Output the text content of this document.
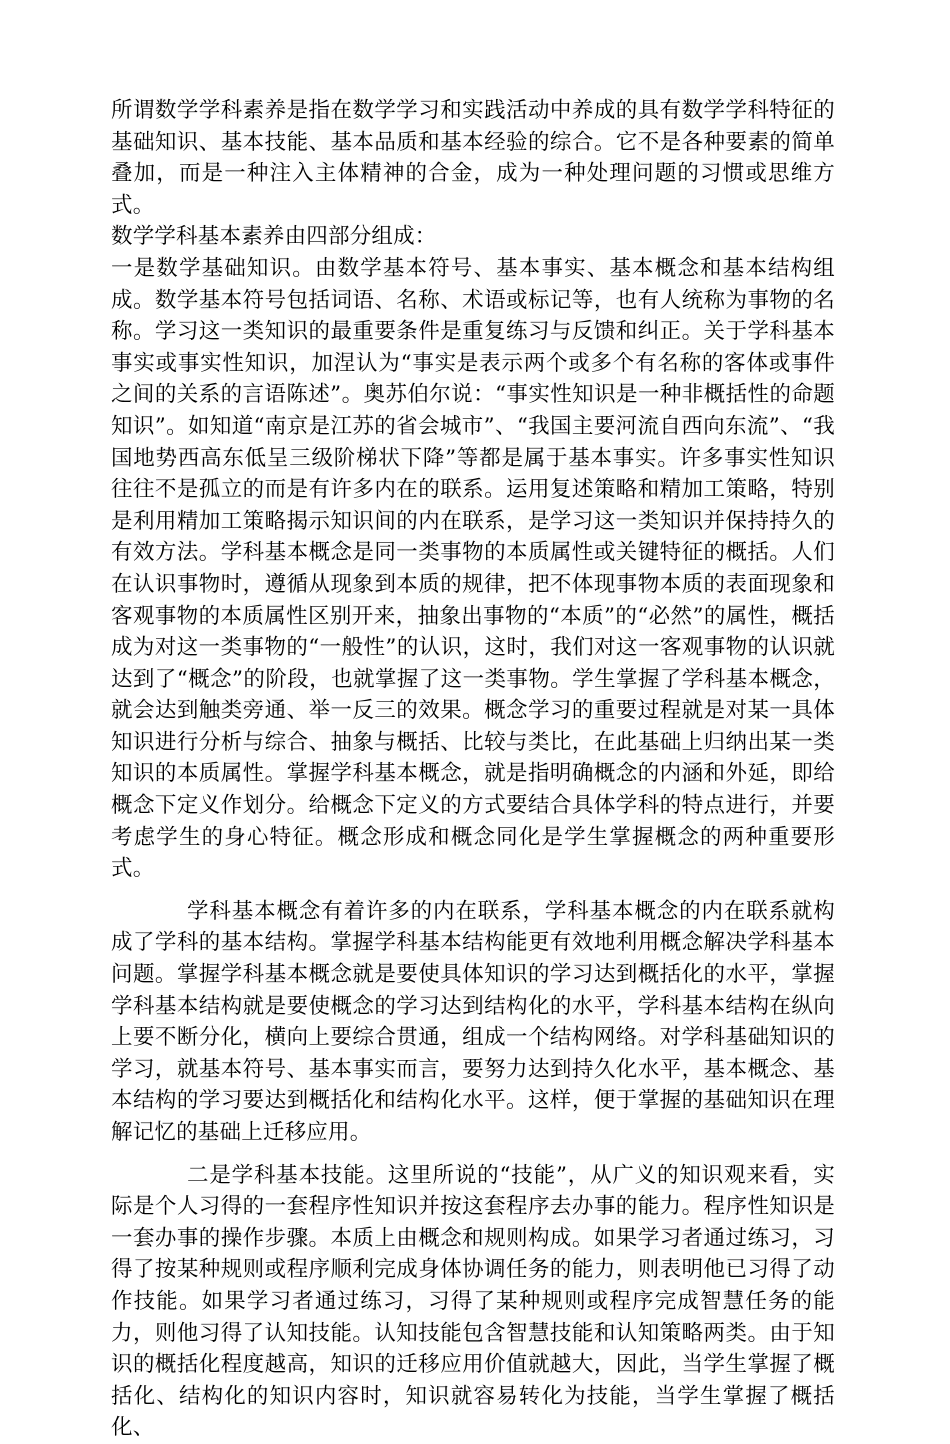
所谓数学学科素养是指在数学学习和实践活动中养成的具有数学学科特征的基础知识、基本技能、基本品质和基本经验的综合。它不是各种要素的简单叠加，而是一种注入主体精神的合金，成为一种处理问题的习惯或思维方式。

数学学科基本素养由四部分组成：

一是数学基础知识。由数学基本符号、基本事实、基本概念和基本结构组成。数学基本符号包括词语、名称、术语或标记等，也有人统称为事物的名称。学习这一类知识的最重要条件是重复练习与反馈和纠正。关于学科基本事实或事实性知识，加涅认为“事实是表示两个或多个有名称的客体或事件之间的关系的言语陈述”。奥苏伯尔说：“事实性知识是一种非概括性的命题知识”。如知道“南京是江苏的省会城市”、“我国主要河流自西向东流”、“我国地势西高东低呈三级阶梯状下降”等都是属于基本事实。许多事实性知识往往不是孤立的而是有许多内在的联系。运用复述策略和精加工策略，特别是利用精加工策略揭示知识间的内在联系，是学习这一类知识并保持持久的有效方法。学科基本概念是同一类事物的本质属性或关键特征的概括。人们在认识事物时，遵循从现象到本质的规律，把不体现事物本质的表面现象和客观事物的本质属性区别开来，抽象出事物的“本质”的“必然”的属性，概括成为对这一类事物的“一般性”的认识，这时，我们对这一客观事物的认识就达到了“概念”的阶段，也就掌握了这一类事物。学生掌握了学科基本概念，就会达到触类旁通、举一反三的效果。概念学习的重要过程就是对某一具体知识进行分析与综合、抽象与概括、比较与类比，在此基础上归纳出某一类知识的本质属性。掌握学科基本概念，就是指明确概念的内涵和外延，即给概念下定义作划分。给概念下定义的方式要结合具体学科的特点进行，并要考虑学生的身心特征。概念形成和概念同化是学生掌握概念的两种重要形式。

学科基本概念有着许多的内在联系，学科基本概念的内在联系就构成了学科的基本结构。掌握学科基本结构能更有效地利用概念解决学科基本问题。掌握学科基本概念就是要使具体知识的学习达到概括化的水平，掌握学科基本结构就是要使概念的学习达到结构化的水平，学科基本结构在纵向上要不断分化，横向上要综合贯通，组成一个结构网络。对学科基础知识的学习，就基本符号、基本事实而言，要努力达到持久化水平，基本概念、基本结构的学习要达到概括化和结构化水平。这样，便于掌握的基础知识在理解记忆的基础上迁移应用。

二是学科基本技能。这里所说的“技能”，从广义的知识观来看，实际是个人习得的一套程序性知识并按这套程序去办事的能力。程序性知识是一套办事的操作步骤。本质上由概念和规则构成。如果学习者通过练习，习得了按某种规则或程序顺利完成身体协调任务的能力，则表明他已习得了动作技能。如果学习者通过练习，习得了某种规则或程序完成智慧任务的能力，则他习得了认知技能。认知技能包含智慧技能和认知策略两类。由于知识的概括化程度越高，知识的迁移应用价值就越大，因此，当学生掌握了概括化、结构化的知识内容时，知识就容易转化为技能，当学生掌握了概括化、
